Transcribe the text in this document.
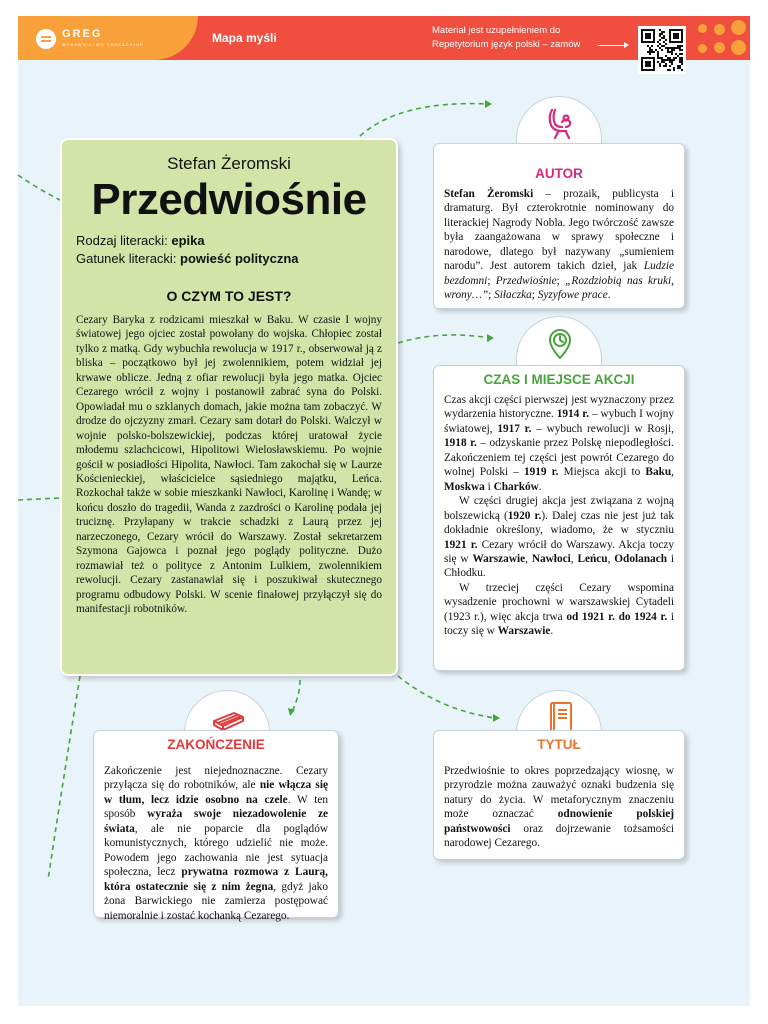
GREG
WYDAWNICTWO EDUKACYJNE	Mapa myśli
Materiał jest uzupełnieniem do
Repetytorium język polski – zamów
Stefan Żeromski
Przedwiośnie
Rodzaj literacki: epika
Gatunek literacki: powieść polityczna
O CZYM TO JEST?
Cezary Baryka z rodzicami mieszkał w Baku. W czasie I wojny światowej jego ojciec został powołany do wojska. Chłopiec został tylko z matką. Gdy wybuchła rewolucja w 1917 r., obserwował ją z bliska – początkowo był jej zwolennikiem, potem widział jej krwawe oblicze. Jedną z ofiar rewolucji była jego matka. Ojciec Cezarego wrócił z wojny i postanowił zabrać syna do Polski. Opowiadał mu o szklanych domach, jakie można tam zobaczyć. W drodze do ojczyzny zmarł. Cezary sam dotarł do Polski. Walczył w wojnie polsko-bolszewickiej, podczas której uratował życie młodemu szlachcicowi, Hipolitowi Wielosławskiemu. Po wojnie gościł w posiadłości Hipolita, Nawłoci. Tam zakochał się w Laurze Kościenieckiej, właścicielce sąsiedniego majątku, Leńca. Rozkochał także w sobie mieszkanki Nawłoci, Karolinę i Wandę; w końcu doszło do tragedii, Wanda z zazdrości o Karolinę podała jej truciznę. Przyłapany w trakcie schadzki z Laurą przez jej narzeczonego, Cezary wrócił do Warszawy. Został sekretarzem Szymona Gajowca i poznał jego poglądy polityczne. Dużo rozmawiał też o polityce z Antonim Lulkiem, zwolennikiem rewolucji. Cezary zastanawiał się i poszukiwał skutecznego programu odbudowy Polski. W scenie finałowej przyłączył się do manifestacji robotników.
AUTOR
Stefan Żeromski – prozaik, publicysta i dramaturg. Był czterokrotnie nominowany do literackiej Nagrody Nobla. Jego twórczość zawsze była zaangażowana w sprawy społeczne i narodowe, dlatego był nazywany „sumieniem narodu”. Jest autorem takich dzieł, jak Ludzie bezdomni; Przedwiośnie; „Rozdziobią nas kruki, wrony…”; Siłaczka; Syzyfowe prace.
CZAS I MIEJSCE AKCJI
Czas akcji części pierwszej jest wyznaczony przez wydarzenia historyczne. 1914 r. – wybuch I wojny światowej, 1917 r. – wybuch rewolucji w Rosji, 1918 r. – odzyskanie przez Polskę niepodległości. Zakończeniem tej części jest powrót Cezarego do wolnej Polski – 1919 r. Miejsca akcji to Baku, Moskwa i Charków.
W części drugiej akcja jest związana z wojną bolszewicką (1920 r.). Dalej czas nie jest już tak dokładnie określony, wiadomo, że w styczniu 1921 r. Cezary wrócił do Warszawy. Akcja toczy się w Warszawie, Nawłoci, Leńcu, Odolanach i Chłodku.
W trzeciej części Cezary wspomina wysadzenie prochowni w warszawskiej Cytadeli (1923 r.), więc akcja trwa od 1921 r. do 1924 r. i toczy się w Warszawie.
ZAKOŃCZENIE
Zakończenie jest niejednoznaczne. Cezary przyłącza się do robotników, ale nie włącza się w tłum, lecz idzie osobno na czele. W ten sposób wyraża swoje niezadowolenie ze świata, ale nie poparcie dla poglądów komunistycznych, którego udzielić nie może. Powodem jego zachowania nie jest sytuacja społeczna, lecz prywatna rozmowa z Laurą, która ostatecznie się z nim żegna, gdyż jako żona Barwickiego nie zamierza postępować niemoralnie i zostać kochanką Cezarego.
TYTUŁ
Przedwiośnie to okres poprzedzający wiosnę, w przyrodzie można zauważyć oznaki budzenia się natury do życia. W metaforycznym znaczeniu może oznaczać odnowienie polskiej państwowości oraz dojrzewanie tożsamości narodowej Cezarego.
